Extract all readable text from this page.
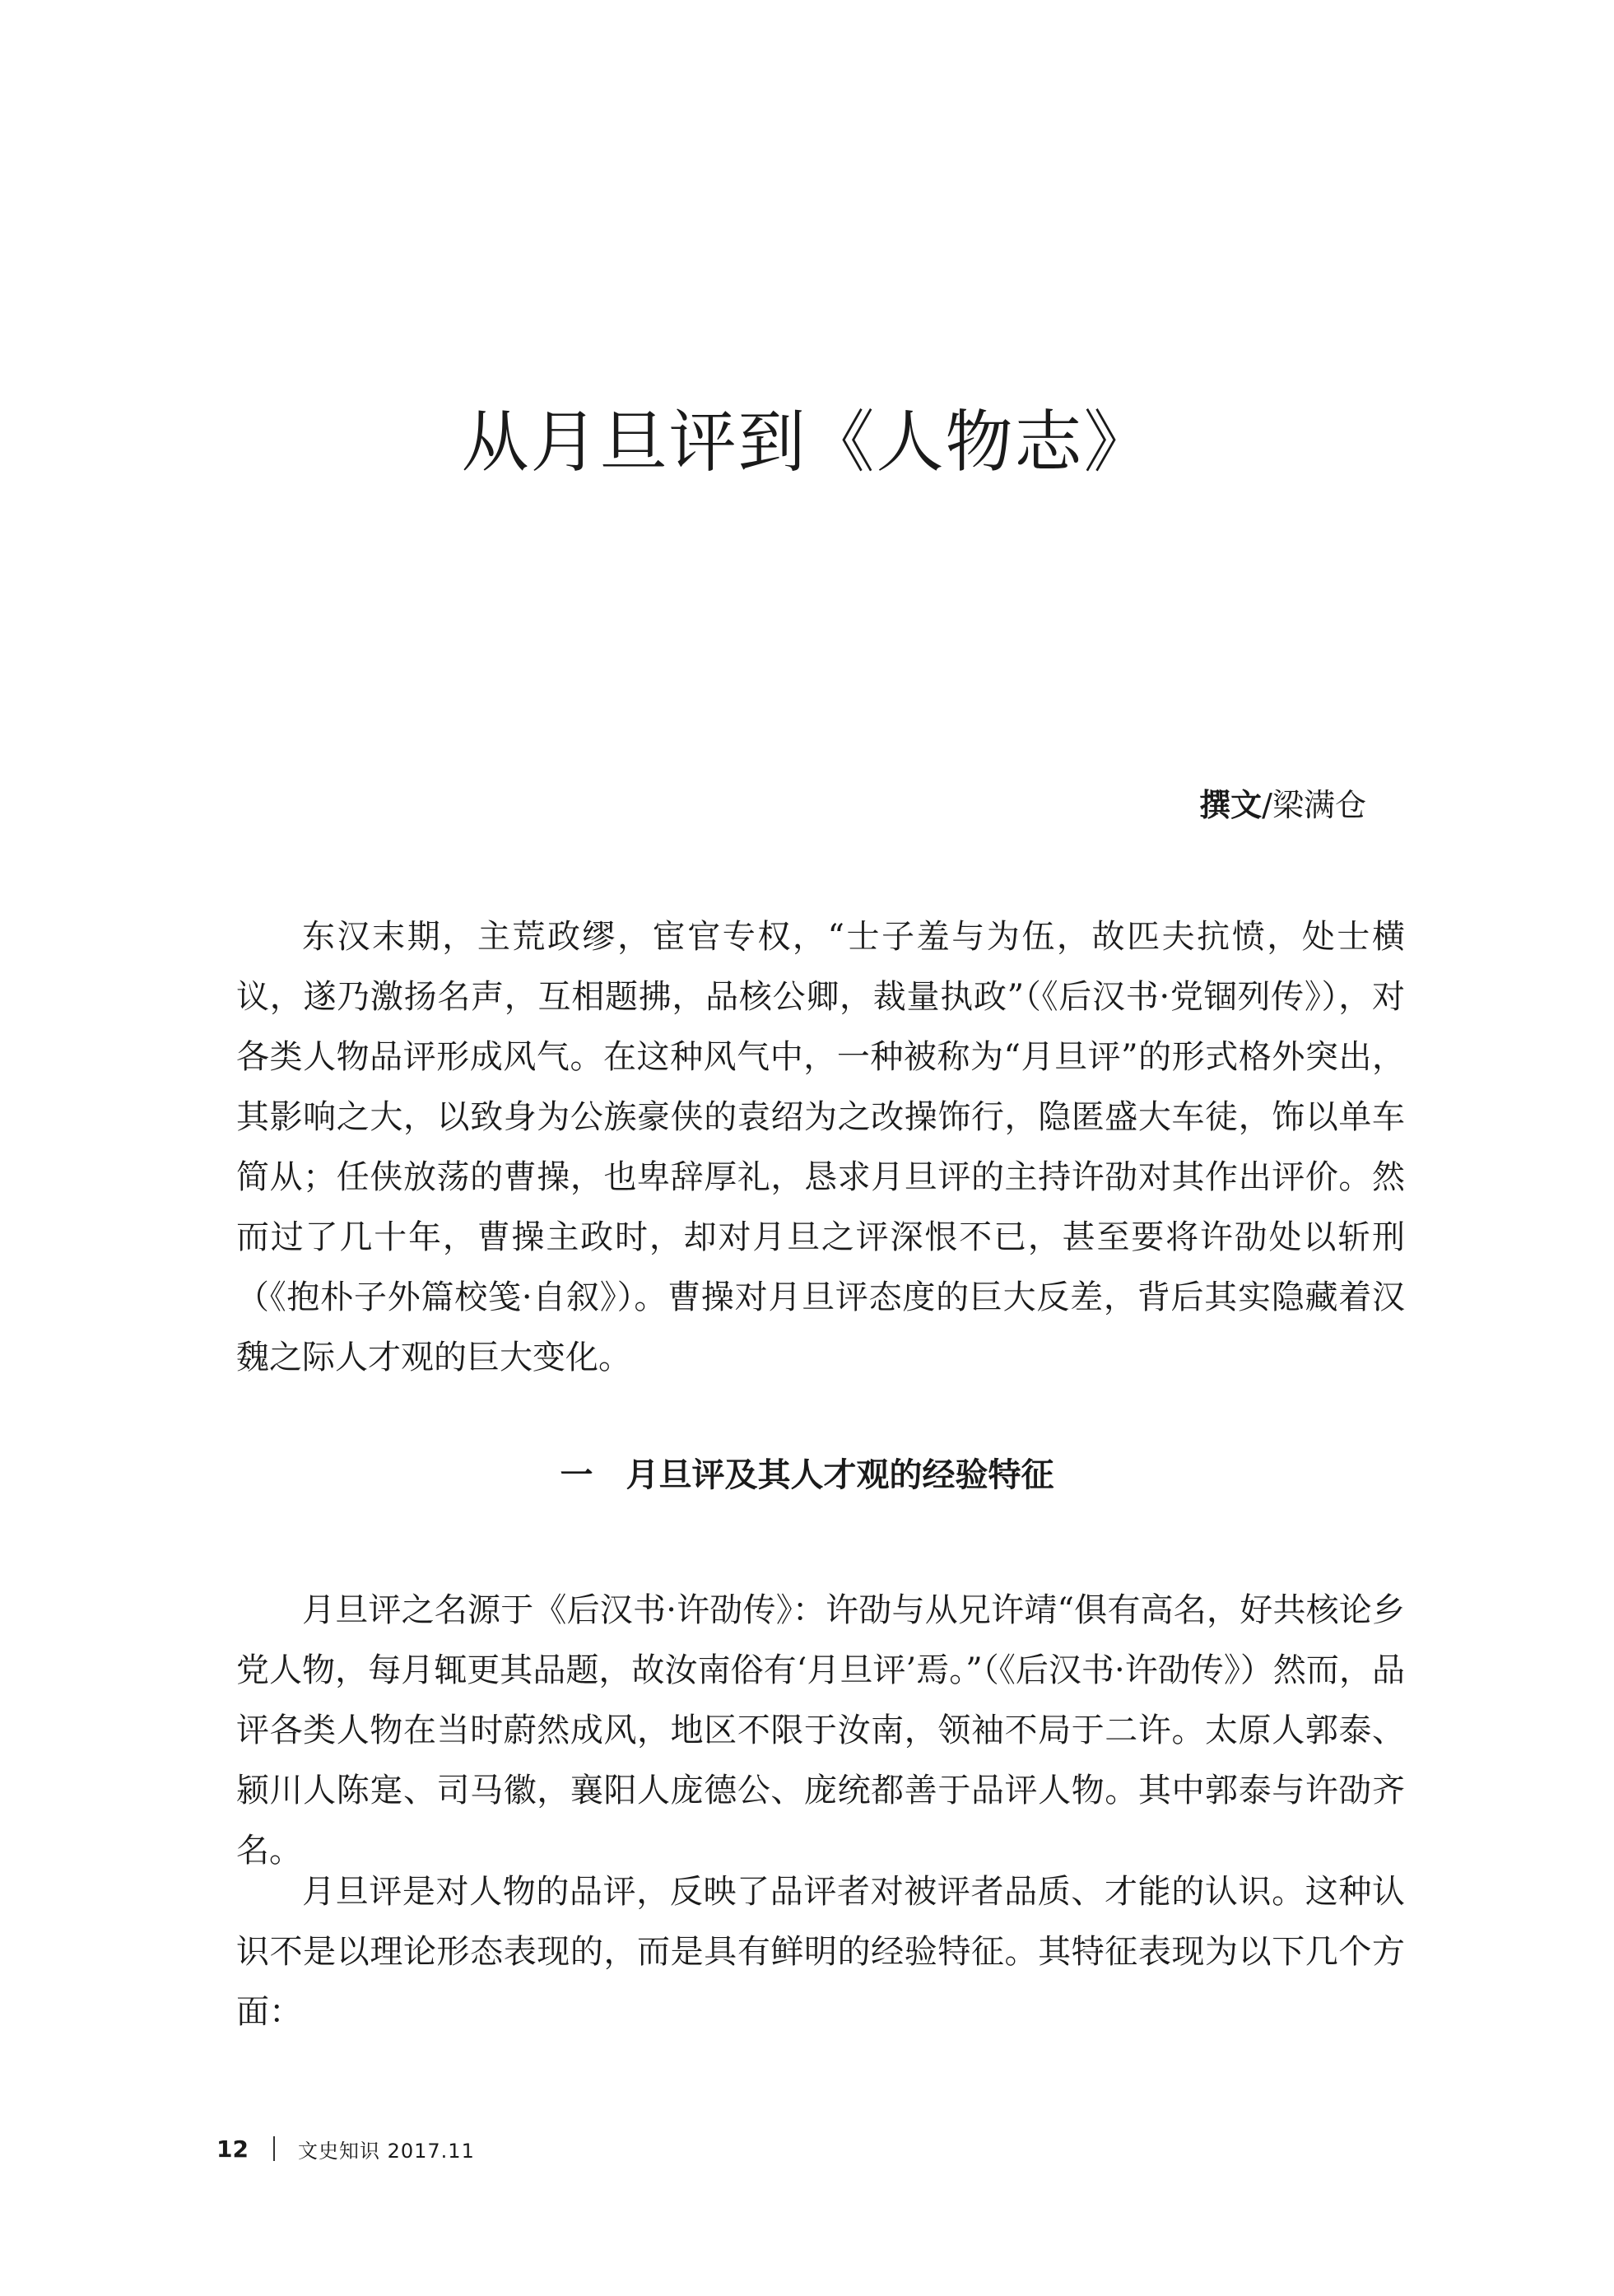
从月旦评到《人物志》
撰文/梁满仓

东汉末期，主荒政缪，宦官专权，“士子羞与为伍，故匹夫抗愤，处士横议，遂乃激扬名声，互相题拂，品核公卿，裁量执政”（《后汉书·党锢列传》），对各类人物品评形成风气。在这种风气中，一种被称为“月旦评”的形式格外突出，其影响之大，以致身为公族豪侠的袁绍为之改操饰行，隐匿盛大车徒，饰以单车简从；任侠放荡的曹操，也卑辞厚礼，恳求月旦评的主持许劭对其作出评价。然而过了几十年，曹操主政时，却对月旦之评深恨不已，甚至要将许劭处以斩刑（《抱朴子外篇校笺·自叙》）。曹操对月旦评态度的巨大反差，背后其实隐藏着汉魏之际人才观的巨大变化。

一 月旦评及其人才观的经验特征

月旦评之名源于《后汉书·许劭传》：许劭与从兄许靖“俱有高名，好共核论乡党人物，每月辄更其品题，故汝南俗有‘月旦评’焉。”（《后汉书·许劭传》）然而，品评各类人物在当时蔚然成风，地区不限于汝南，领袖不局于二许。太原人郭泰、颍川人陈寔、司马徽，襄阳人庞德公、庞统都善于品评人物。其中郭泰与许劭齐名。

月旦评是对人物的品评，反映了品评者对被评者品质、才能的认识。这种认识不是以理论形态表现的，而是具有鲜明的经验特征。其特征表现为以下几个方面：

12	文史知识 2017.11
